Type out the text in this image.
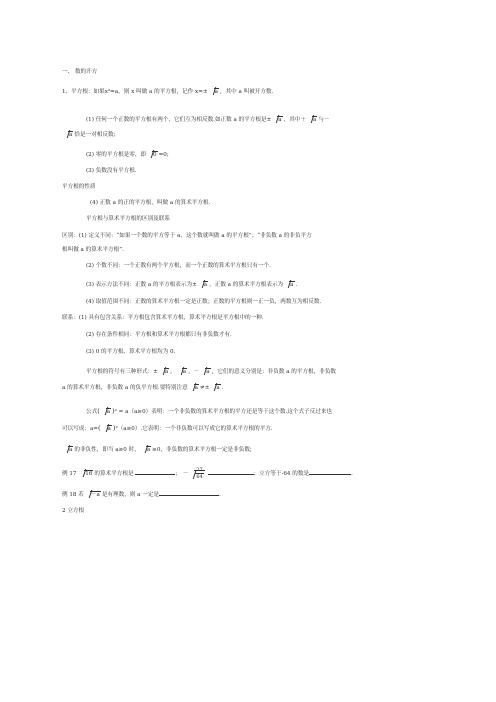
一、 数的开方
1、平方根：如果x²=a，则 x 叫做 a 的平方根，记作 x=± a ，其中 a 叫被开方数.
(1) 任何一个正数的平方根有两个，它们互为相反数.如正数 a 的平方根是± a ，其中＋ a 与－
a 恰是一对相反数;
(2) 零的平方根是零，即 0 =0;
(3) 负数没有平方根.
平方根的性质
(4) 正数 a 的正的平方根，叫做 a 的算术平方根.
平方根与算术平方根的区别及联系
区别：(1) 定义不同：“如果一个数的平方等于 a，这个数就叫做 a 的平方根”；“非负数 a 的非负平方
根叫做 a 的算术平方根”.
(2) 个数不同：一个正数有两个平方根，而一个正数的算术平方根只有一个.
(3) 表示方法不同：正数 a 的平方根表示为± a ，正数 a 的算术平方根表示为 a .
(4) 取值范围不同：正数的算术平方根一定是正数；正数的平方根则一正一负，两数互为相反数.
联系：(1) 具有包含关系：平方根包含算术平方根，算术平方根是平方根中的一种.
(2) 存在条件相同：平方根和算术平方根都只有非负数才有.
(3) 0 的平方根、算术平方根均为 0.
平方根的符号有三种形式：± a ， a ，－ a ，它们的意义分别是：非负数 a 的平方根，非负数
a 的算术平方根，非负数 a 的负平方根.要特别注意 a ≠± a .
公式( a )² = a（a≥0）表明：一个非负数的算术平方根的平方还是等于这个数.这个式子反过来也
可以写成：a=( a )²（a≥0）.它表明：一个非负数可以写成它的算术平方根的平方.
a 的非负性，即当 a≥0 时， a ≥0，非负数的算术平方根一定是非负数;
例 17 16 的算术平方根是	； － $\frac{27}{64}$	；立方等于-64 的数是	.
例 18 若 －a 是有理数，则 a 一定是	.
2 立方根
